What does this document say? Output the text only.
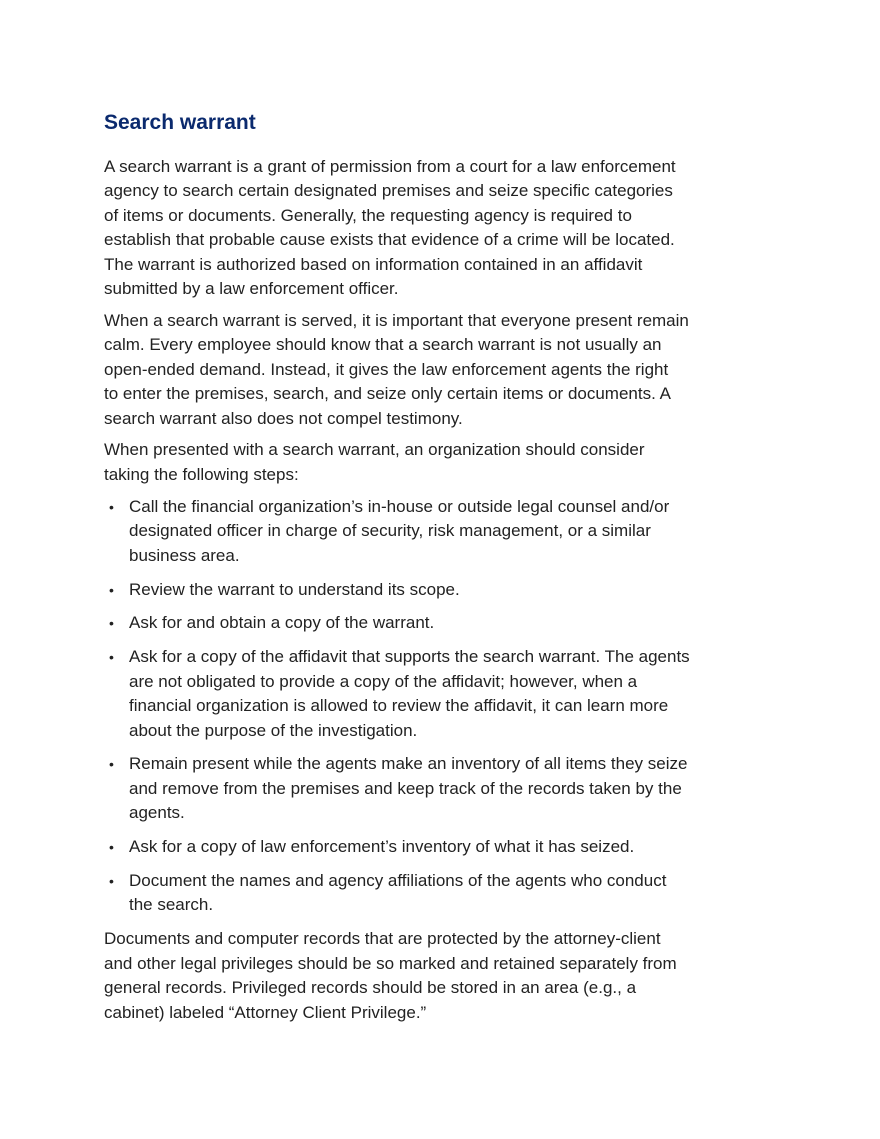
Search warrant

A search warrant is a grant of permission from a court for a law enforcement
agency to search certain designated premises and seize specific categories
of items or documents. Generally, the requesting agency is required to
establish that probable cause exists that evidence of a crime will be located.
The warrant is authorized based on information contained in an affidavit
submitted by a law enforcement officer.

When a search warrant is served, it is important that everyone present remain
calm. Every employee should know that a search warrant is not usually an
open-ended demand. Instead, it gives the law enforcement agents the right
to enter the premises, search, and seize only certain items or documents. A
search warrant also does not compel testimony.

When presented with a search warrant, an organization should consider
taking the following steps:

• Call the financial organization’s in-house or outside legal counsel and/or
designated officer in charge of security, risk management, or a similar
business area.
• Review the warrant to understand its scope.
• Ask for and obtain a copy of the warrant.
• Ask for a copy of the affidavit that supports the search warrant. The agents
are not obligated to provide a copy of the affidavit; however, when a
financial organization is allowed to review the affidavit, it can learn more
about the purpose of the investigation.
• Remain present while the agents make an inventory of all items they seize
and remove from the premises and keep track of the records taken by the
agents.
• Ask for a copy of law enforcement’s inventory of what it has seized.
• Document the names and agency affiliations of the agents who conduct
the search.

Documents and computer records that are protected by the attorney-client
and other legal privileges should be so marked and retained separately from
general records. Privileged records should be stored in an area (e.g., a
cabinet) labeled “Attorney Client Privilege.”
